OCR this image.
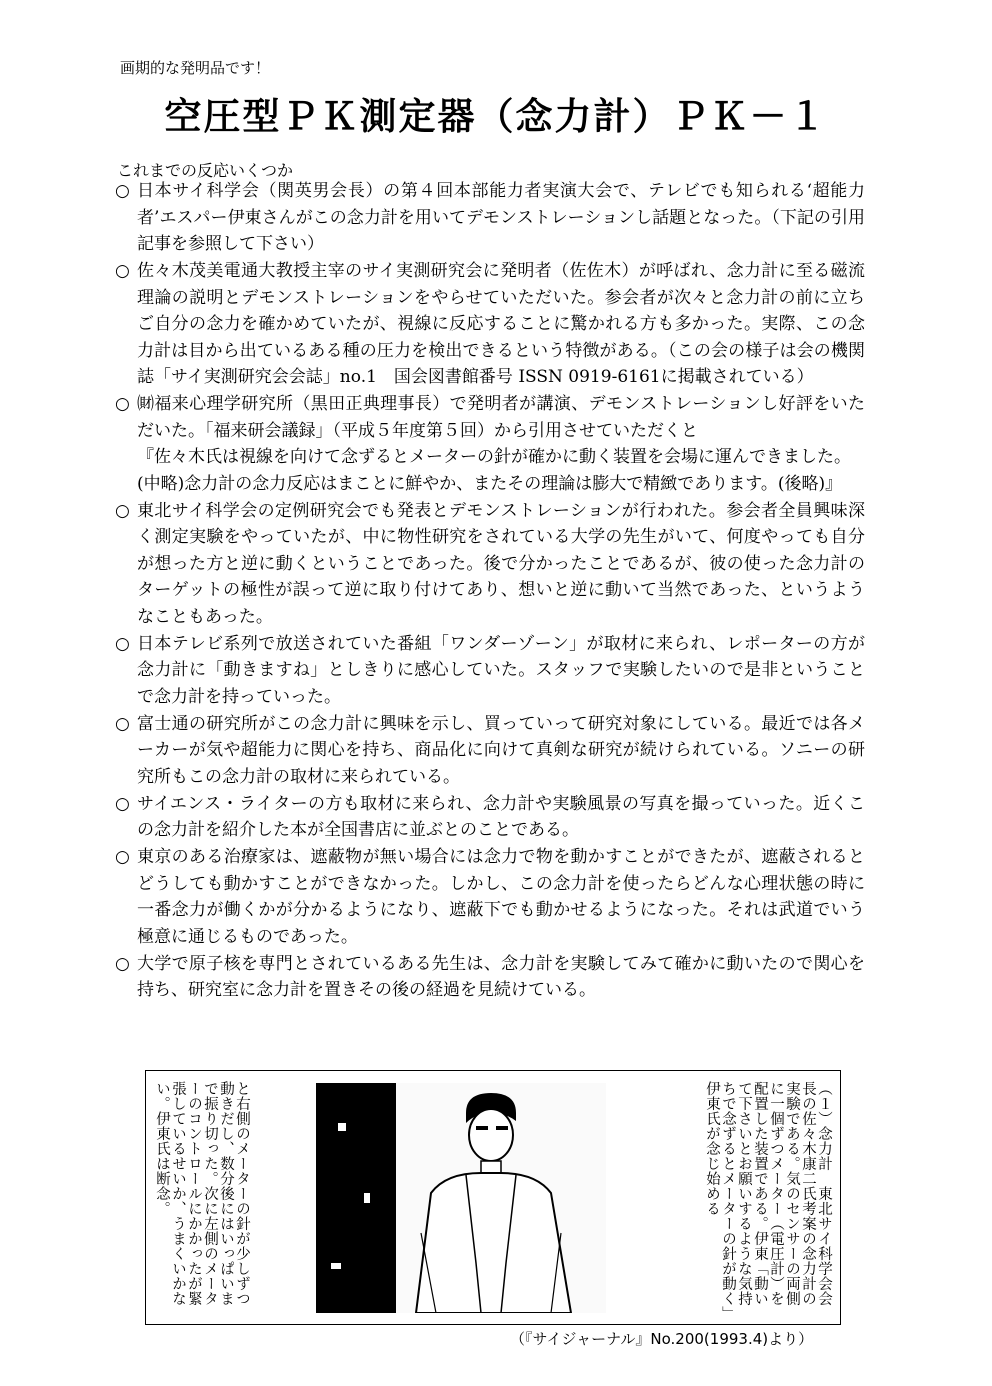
画期的な発明品です！
空圧型ＰＫ測定器（念力計）ＰＫ－１
これまでの反応いくつか
○ 日本サイ科学会（関英男会長）の第４回本部能力者実演大会で、テレビでも知られる‘超能力者’エスパー伊東さんがこの念力計を用いてデモンストレーションし話題となった。（下記の引用記事を参照して下さい）
○ 佐々木茂美電通大教授主宰のサイ実測研究会に発明者（佐佐木）が呼ばれ、念力計に至る磁流理論の説明とデモンストレーションをやらせていただいた。参会者が次々と念力計の前に立ちご自分の念力を確かめていたが、視線に反応することに驚かれる方も多かった。実際、この念力計は目から出ているある種の圧力を検出できるという特徴がある。（この会の様子は会の機関誌「サイ実測研究会会誌」no.1　国会図書館番号 ISSN 0919-6161に掲載されている）
○ ㈶福来心理学研究所（黒田正典理事長）で発明者が講演、デモンストレーションし好評をいただいた。「福来研会議録」（平成５年度第５回）から引用させていただくと
『佐々木氏は視線を向けて念ずるとメーターの針が確かに動く装置を会場に運んできました。
(中略)念力計の念力反応はまことに鮮やか、またその理論は膨大で精緻であります。(後略)』
○ 東北サイ科学会の定例研究会でも発表とデモンストレーションが行われた。参会者全員興味深く測定実験をやっていたが、中に物性研究をされている大学の先生がいて、何度やっても自分が想った方と逆に動くということであった。後で分かったことであるが、彼の使った念力計のターゲットの極性が誤って逆に取り付けてあり、想いと逆に動いて当然であった、というようなこともあった。
○ 日本テレビ系列で放送されていた番組「ワンダーゾーン」が取材に来られ、レポーターの方が念力計に「動きますね」としきりに感心していた。スタッフで実験したいので是非ということで念力計を持っていった。
○ 富士通の研究所がこの念力計に興味を示し、買っていって研究対象にしている。最近では各メーカーが気や超能力に関心を持ち、商品化に向けて真剣な研究が続けられている。ソニーの研究所もこの念力計の取材に来られている。
○ サイエンス・ライターの方も取材に来られ、念力計や実験風景の写真を撮っていった。近くこの念力計を紹介した本が全国書店に並ぶとのことである。
○ 東京のある治療家は、遮蔽物が無い場合には念力で物を動かすことができたが、遮蔽されるとどうしても動かすことができなかった。しかし、この念力計を使ったらどんな心理状態の時に一番念力が働くかが分かるようになり、遮蔽下でも動かせるようになった。それは武道でいう極意に通じるものであった。
○ 大学で原子核を専門とされているある先生は、念力計を実験してみて確かに動いたので関心を持ち、研究室に念力計を置きその後の経過を見続けている。
（１）念力計　東北サイ科学会会長の佐々木康二氏考案の念力計の実験である。気のセンサーの両側に一個ずつメーター（電圧計）を配置した装置である。伊東「動いて下さいとお願いするような気持ちで念ずるとメーターの針が動く」伊東氏が念じ始める
と右側のメーターの針が少しずつ動きだし、数分後にはいっぱいまで振り切った。次に左側のメーターのコントロールにかかったが緊張しているせいか、うまくいかない。伊東氏は断念。
（『サイジャーナル』No.200(1993.4)より）
